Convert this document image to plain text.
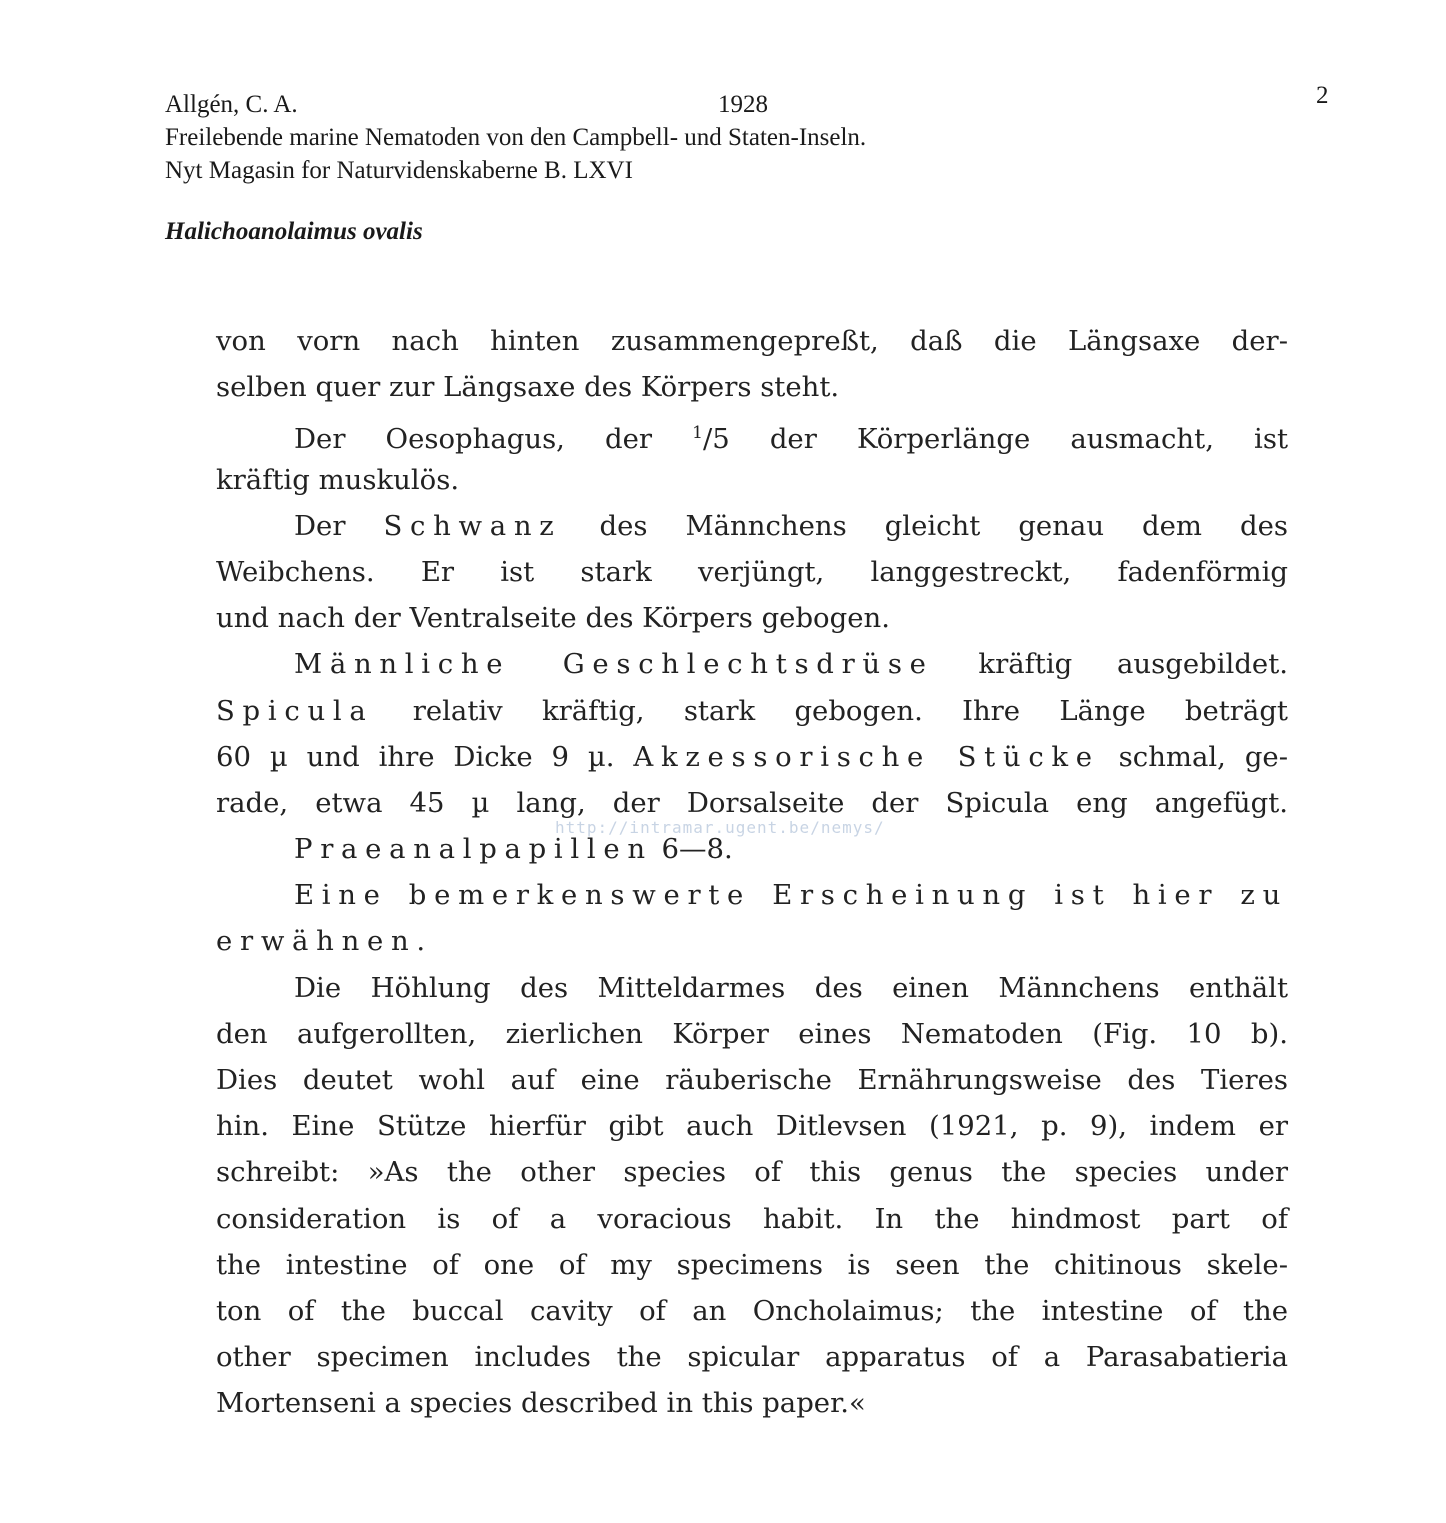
Allgén, C. A.	1928
Freilebende marine Nematoden von den Campbell- und Staten-Inseln.
Nyt Magasin for Naturvidenskaberne B. LXVI
2
Halichoanolaimus ovalis
von vorn nach hinten zusammengepreßt, daß die Längsaxe der-
selben quer zur Längsaxe des Körpers steht.
Der Oesophagus, der $^1$/5 der Körperlänge ausmacht, ist
kräftig muskulös.
Der Schwanz des Männchens gleicht genau dem des
Weibchens. Er ist stark verjüngt, langgestreckt, fadenförmig
und nach der Ventralseite des Körpers gebogen.
Männliche Geschlechtsdrüse kräftig ausgebildet.
Spicula relativ kräftig, stark gebogen. Ihre Länge beträgt
60 µ und ihre Dicke 9 µ. Akzessorische Stücke schmal, ge-
rade, etwa 45 µ lang, der Dorsalseite der Spicula eng angefügt.
Praeanalpapillen 6—8.
Eine bemerkenswerte Erscheinung ist hier zu
erwähnen.
Die Höhlung des Mitteldarmes des einen Männchens enthält
den aufgerollten, zierlichen Körper eines Nematoden (Fig. 10 b).
Dies deutet wohl auf eine räuberische Ernährungsweise des Tieres
hin. Eine Stütze hierfür gibt auch Ditlevsen (1921, p. 9), indem er
schreibt: »As the other species of this genus the species under
consideration is of a voracious habit. In the hindmost part of
the intestine of one of my specimens is seen the chitinous skele-
ton of the buccal cavity of an Oncholaimus; the intestine of the
other specimen includes the spicular apparatus of a Parasabatieria
Mortenseni a species described in this paper.«
http://intramar.ugent.be/nemys/
